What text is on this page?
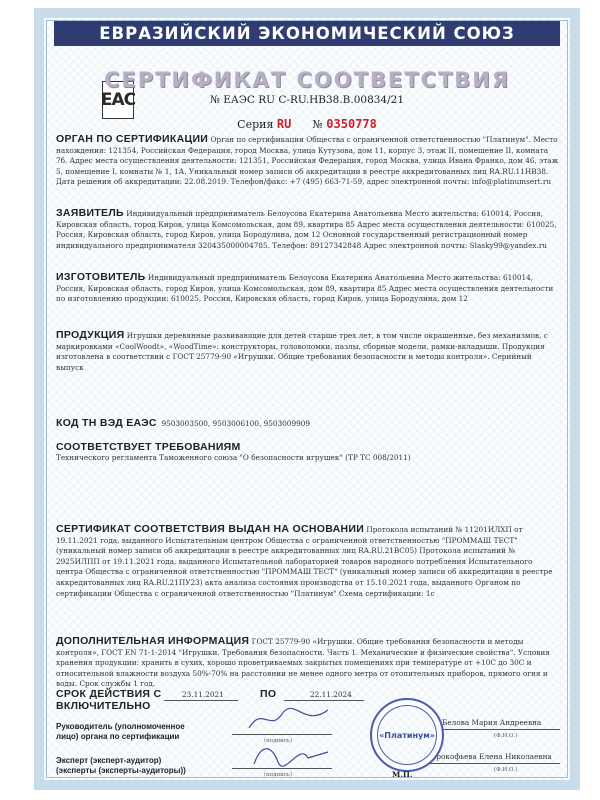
ЕВРАЗИЙСКИЙ ЭКОНОМИЧЕСКИЙ СОЮЗ
EAC
СЕРТИФИКАТ СООТВЕТСТВИЯ
№ ЕАЭС RU C-RU.HB38.B.00834/21
Серия RU № 0350778
ОРГАН ПО СЕРТИФИКАЦИИ Орган по сертификации Общества с ограниченной ответственностью "Платинум". Место нахождения: 121354, Российская Федерация, город Москва, улица Кутузова, дом 11, корпус 3, этаж II, помещение II, комната 7б. Адрес места осуществления деятельности: 121351, Российская Федерация, город Москва, улица Ивана Франко, дом 46, этаж 5, помещение I, комнаты № 1, 1А. Уникальный номер записи об аккредитации в реестре аккредитованных лиц RA.RU.11HB38. Дата решения об аккредитации: 22.08.2019. Телефон/факс: +7 (495) 663-71-59, адрес электронной почты: info@platinumsert.ru
ЗАЯВИТЕЛЬ Индивидуальный предприниматель Белоусова Екатерина Анатольевна Место жительства: 610014, Россия, Кировская область, город Киров, улица Комсомольская, дом 89, квартира 85 Адрес места осуществления деятельности: 610025, Россия, Кировская область, город Киров, улица Бородулина, дом 12 Основной государственный регистрационный номер индивидуального предпринимателя 320435000004785. Телефон: 89127342848 Адрес электронной почты: Slasky99@yandex.ru
ИЗГОТОВИТЕЛЬ Индивидуальный предприниматель Белоусова Екатерина Анатольевна Место жительства: 610014, Россия, Кировская область, город Киров, улица Комсомольская, дом 89, квартира 85 Адрес места осуществления деятельности по изготовлению продукции: 610025, Россия, Кировская область, город Киров, улица Бородулина, дом 12
ПРОДУКЦИЯ Игрушки деревянные развивающие для детей старше трех лет, в том числе окрашенные, без механизмов, с маркировками «CoolWoodt», «WoodTime»: конструкторы, головоломки, пазлы, сборные модели, рамки-вкладыши. Продукция изготовлена в соответствии с ГОСТ 25779-90 «Игрушки. Общие требования безопасности и методы контроля». Серийный выпуск
КОД ТН ВЭД ЕАЭС 9503003500, 9503006100, 9503009909
СООТВЕТСТВУЕТ ТРЕБОВАНИЯМ
Технического регламента Таможенного союза "О безопасности игрушек" (ТР ТС 008/2011)
СЕРТИФИКАТ СООТВЕТСТВИЯ ВЫДАН НА ОСНОВАНИИ Протокола испытаний № 11201ИЛХП от 19.11.2021 года, выданного Испытательным центром Общества с ограниченной ответственностью "ПРОММАШ ТЕСТ" (уникальный номер записи об аккредитации в реестре аккредитованных лиц RA.RU.21ВС05) Протокола испытаний № 2925ИЛПП от 19.11.2021 года, выданного Испытательной лабораторией товаров народного потребления Испытательного центра Общества с ограниченной ответственностью "ПРОММАШ ТЕСТ" (уникальный номер записи об аккредитации в реестре аккредитованных лиц RA.RU.21ПУ23) акта анализа состояния производства от 15.10.2021 года, выданного Органом по сертификации Общества с ограниченной ответственностью "Платинум" Схема сертификации: 1с
ДОПОЛНИТЕЛЬНАЯ ИНФОРМАЦИЯ ГОСТ 25779-90 «Игрушки. Общие требования безопасности и методы контроля», ГОСТ EN 71-1-2014 "Игрушки. Требования безопасности. Часть 1. Механические и физические свойства". Условия хранения продукции: хранить в сухих, хорошо проветриваемых закрытых помещениях при температуре от +10С до 30С и относительной влажности воздуха 50%-70% на расстоянии не менее одного метра от отопительных приборов, прямого огня и воды. Срок службы 1 год.
СРОК ДЕЙСТВИЯ С
ВКЛЮЧИТЕЛЬНО
23.11.2021	ПО	22.11.2024
Руководитель (уполномоченное
лицо) органа по сертификации	(подпись)
Белова Мария Андреевна
(Ф.И.О.)
Эксперт (эксперт-аудитор)
(эксперты (эксперты-аудиторы))	(подпись)
Прокофьева Елена Николаевна
(Ф.И.О.)
«Платинум»
М.П.
